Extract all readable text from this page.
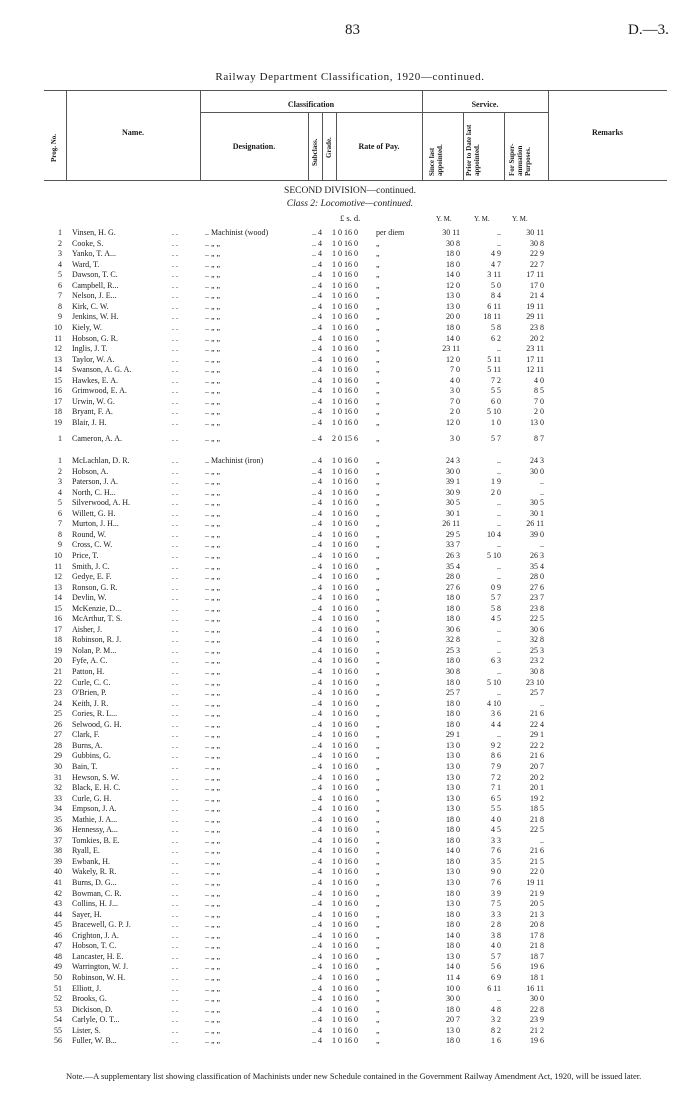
83	D.—3.
Railway Department Classification, 1920—continued.
Prog. No.
Name.
Classification
Designation.	Subclass. Grade.	Rate of Pay.
Service.
Since last appointed.	Prior to Date last appointed.	For Super-annuation Purposes.
Remarks
SECOND DIVISION—continued.
Class 2: Locomotive—continued.
£ s. d.	Y. M.	Y. M.	Y. M.
1 Vinsen, H. G.	.. Machinist (wood)	.. 4	1 0 16 0	per diem	30 11	..	30 11
. .
2 Cooke, S.	.. „ „	.. 4	1 0 16 0	„	30 8	..	30 8
. .
3 Yanko, T. A...	.. „ „	.. 4	1 0 16 0	„	18 0	4 9	22 9
. .
4 Ward, T.	.. „ „	.. 4	1 0 16 0	„	18 0	4 7	22 7
. .
5 Dawson, T. C.	.. „ „	.. 4	1 0 16 0	„	14 0	3 11	17 11
. .
6 Campbell, R...	.. „ „	.. 4	1 0 16 0	„	12 0	5 0	17 0
. .
7 Nelson, J. E...	.. „ „	.. 4	1 0 16 0	„	13 0	8 4	21 4
. .
8 Kirk, C. W.	.. „ „	.. 4	1 0 16 0	„	13 0	6 11	19 11
. .
9 Jenkins, W. H.	.. „ „	.. 4	1 0 16 0	„	20 0	18 11	29 11
. .
10 Kiely, W.	.. „ „	.. 4	1 0 16 0	„	18 0	5 8	23 8
. .
11 Hobson, G. R.	.. „ „	.. 4	1 0 16 0	„	14 0	6 2	20 2
. .
12 Inglis, J. T.	.. „ „	.. 4	1 0 16 0	„	23 11	..	23 11
. .
13 Taylor, W. A.	.. „ „	.. 4	1 0 16 0	„	12 0	5 11	17 11
. .
14 Swanson, A. G. A.	.. „ „	.. 4	1 0 16 0	„	7 0	5 11	12 11
. .
15 Hawkes, E. A.	.. „ „	.. 4	1 0 16 0	„	4 0	7 2	4 0
. .
16 Grimwood, E. A.	.. „ „	.. 4	1 0 16 0	„	3 0	5 5	8 5
. .
17 Urwin, W. G.	.. „ „	.. 4	1 0 16 0	„	7 0	6 0	7 0
. .
18 Bryant, F. A.	.. „ „	.. 4	1 0 16 0	„	2 0	5 10	2 0
. .
19 Blair, J. H.	.. „ „	.. 4	1 0 16 0	„	12 0	1 0	13 0
. .
1 Cameron, A. A.	.. „ „	.. 4	2 0 15 6	„	3 0	5 7	8 7
. .
1 McLachlan, D. R.	.. Machinist (iron)	.. 4	1 0 16 0	„	24 3	..	24 3
. .
2 Hobson, A.	.. „ „	.. 4	1 0 16 0	„	30 0	..	30 0
. .
3 Paterson, J. A.	.. „ „	.. 4	1 0 16 0	„	39 1	1 9	..
. .
4 North, C. H...	.. „ „	.. 4	1 0 16 0	„	30 9	2 0	..
. .
5 Silverwood, A. H.	.. „ „	.. 4	1 0 16 0	„	30 5	..	30 5
. .
6 Willett, G. H.	.. „ „	.. 4	1 0 16 0	„	30 1	..	30 1
. .
7 Murton, J. H...	.. „ „	.. 4	1 0 16 0	„	26 11	..	26 11
. .
8 Round, W.	.. „ „	.. 4	1 0 16 0	„	29 5	10 4	39 0
. .
9 Cross, C. W.	.. „ „	.. 4	1 0 16 0	„	33 7	..	..
. .
10 Price, T.	.. „ „	.. 4	1 0 16 0	„	26 3	5 10	26 3
. .
11 Smith, J. C.	.. „ „	.. 4	1 0 16 0	„	35 4	..	35 4
. .
12 Gedye, E. F.	.. „ „	.. 4	1 0 16 0	„	28 0	..	28 0
. .
13 Ronson, G. R.	.. „ „	.. 4	1 0 16 0	„	27 6	0 9	27 6
. .
14 Devlin, W.	.. „ „	.. 4	1 0 16 0	„	18 0	5 7	23 7
. .
15 McKenzie, D...	.. „ „	.. 4	1 0 16 0	„	18 0	5 8	23 8
. .
16 McArthur, T. S.	.. „ „	.. 4	1 0 16 0	„	18 0	4 5	22 5
. .
17 Aisher, J.	.. „ „	.. 4	1 0 16 0	„	30 6	..	30 6
. .
18 Robinson, R. J.	.. „ „	.. 4	1 0 16 0	„	32 8	..	32 8
. .
19 Nolan, P. M...	.. „ „	.. 4	1 0 16 0	„	25 3	..	25 3
. .
20 Fyfe, A. C.	.. „ „	.. 4	1 0 16 0	„	18 0	6 3	23 2
. .
21 Patton, H.	.. „ „	.. 4	1 0 16 0	„	30 8	..	30 8
. .
22 Curle, C. C.	.. „ „	.. 4	1 0 16 0	„	18 0	5 10	23 10
. .
23 O'Brien, P.	.. „ „	.. 4	1 0 16 0	„	25 7	..	25 7
. .
24 Keith, J. R.	.. „ „	.. 4	1 0 16 0	„	18 0	4 10	..
. .
25 Cories, R. L...	.. „ „	.. 4	1 0 16 0	„	18 0	3 6	21 6
. .
26 Selwood, G. H.	.. „ „	.. 4	1 0 16 0	„	18 0	4 4	22 4
. .
27 Clark, F.	.. „ „	.. 4	1 0 16 0	„	29 1	..	29 1
. .
28 Burns, A.	.. „ „	.. 4	1 0 16 0	„	13 0	9 2	22 2
. .
29 Gubbins, G.	.. „ „	.. 4	1 0 16 0	„	13 0	8 6	21 6
. .
30 Bain, T.	.. „ „	.. 4	1 0 16 0	„	13 0	7 9	20 7
. .
31 Hewson, S. W.	.. „ „	.. 4	1 0 16 0	„	13 0	7 2	20 2
. .
32 Black, E. H. C.	.. „ „	.. 4	1 0 16 0	„	13 0	7 1	20 1
. .
33 Curle, G. H.	.. „ „	.. 4	1 0 16 0	„	13 0	6 5	19 2
. .
34 Empson, J. A.	.. „ „	.. 4	1 0 16 0	„	13 0	5 5	18 5
. .
35 Mathie, J. A...	.. „ „	.. 4	1 0 16 0	„	18 0	4 0	21 8
. .
36 Hennessy, A...	.. „ „	.. 4	1 0 16 0	„	18 0	4 5	22 5
. .
37 Tomkies, B. E.	.. „ „	.. 4	1 0 16 0	„	18 0	3 3	..
. .
38 Ryall, E.	.. „ „	.. 4	1 0 16 0	„	14 0	7 6	21 6
. .
39 Ewbank, H.	.. „ „	.. 4	1 0 16 0	„	18 0	3 5	21 5
. .
40 Wakely, R. R.	.. „ „	.. 4	1 0 16 0	„	13 0	9 0	22 0
. .
41 Burns, D. G...	.. „ „	.. 4	1 0 16 0	„	13 0	7 6	19 11
. .
42 Bowman, C. R.	.. „ „	.. 4	1 0 16 0	„	18 0	3 9	21 9
. .
43 Collins, H. J...	.. „ „	.. 4	1 0 16 0	„	13 0	7 5	20 5
. .
44 Sayer, H.	.. „ „	.. 4	1 0 16 0	„	18 0	3 3	21 3
. .
45 Bracewell, G. P. J.	.. „ „	.. 4	1 0 16 0	„	18 0	2 8	20 8
. .
46 Crighton, J. A.	.. „ „	.. 4	1 0 16 0	„	14 0	3 8	17 8
. .
47 Hobson, T. C.	.. „ „	.. 4	1 0 16 0	„	18 0	4 0	21 8
. .
48 Lancaster, H. E.	.. „ „	.. 4	1 0 16 0	„	13 0	5 7	18 7
. .
49 Warrington, W. J.	.. „ „	.. 4	1 0 16 0	„	14 0	5 6	19 6
. .
50 Robinson, W. H.	.. „ „	.. 4	1 0 16 0	„	11 4	6 9	18 1
. .
51 Elliott, J.	.. „ „	.. 4	1 0 16 0	„	10 0	6 11	16 11
. .
52 Brooks, G.	.. „ „	.. 4	1 0 16 0	„	30 0	..	30 0
. .
53 Dickison, D.	.. „ „	.. 4	1 0 16 0	„	18 0	4 8	22 8
. .
54 Carlyle, O. T...	.. „ „	.. 4	1 0 16 0	„	20 7	3 2	23 9
. .
55 Lister, S.	.. „ „	.. 4	1 0 16 0	„	13 0	8 2	21 2
. .
56 Fuller, W. B...	.. „ „	.. 4	1 0 16 0	„	18 0	1 6	19 6
. .
Note.—A supplementary list showing classification of Machinists under new Schedule contained in the Government Railway Amendment Act, 1920, will be issued later.
